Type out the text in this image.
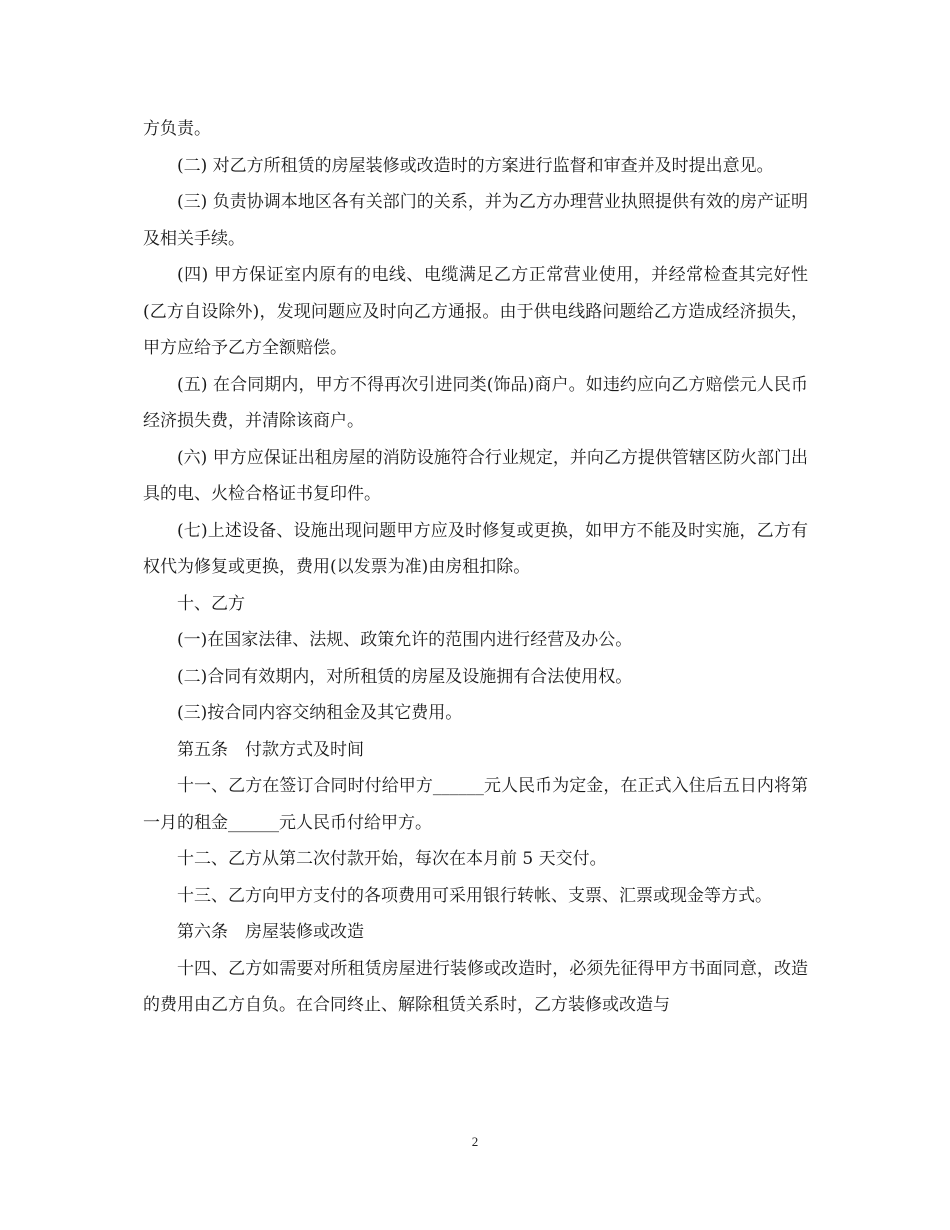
方负责。

(二) 对乙方所租赁的房屋装修或改造时的方案进行监督和审查并及时提出意见。

(三) 负责协调本地区各有关部门的关系，并为乙方办理营业执照提供有效的房产证明及相关手续。

(四) 甲方保证室内原有的电线、电缆满足乙方正常营业使用，并经常检查其完好性(乙方自设除外)，发现问题应及时向乙方通报。由于供电线路问题给乙方造成经济损失，甲方应给予乙方全额赔偿。

(五) 在合同期内，甲方不得再次引进同类(饰品)商户。如违约应向乙方赔偿元人民币经济损失费，并清除该商户。

(六) 甲方应保证出租房屋的消防设施符合行业规定，并向乙方提供管辖区防火部门出具的电、火检合格证书复印件。

(七)上述设备、设施出现问题甲方应及时修复或更换，如甲方不能及时实施，乙方有权代为修复或更换，费用(以发票为准)由房租扣除。

十、乙方

(一)在国家法律、法规、政策允许的范围内进行经营及办公。

(二)合同有效期内，对所租赁的房屋及设施拥有合法使用权。

(三)按合同内容交纳租金及其它费用。

第五条　付款方式及时间

十一、乙方在签订合同时付给甲方______元人民币为定金，在正式入住后五日内将第一月的租金______元人民币付给甲方。

十二、乙方从第二次付款开始，每次在本月前 5 天交付。

十三、乙方向甲方支付的各项费用可采用银行转帐、支票、汇票或现金等方式。

第六条　房屋装修或改造

十四、乙方如需要对所租赁房屋进行装修或改造时，必须先征得甲方书面同意，改造的费用由乙方自负。在合同终止、解除租赁关系时，乙方装修或改造与

2
